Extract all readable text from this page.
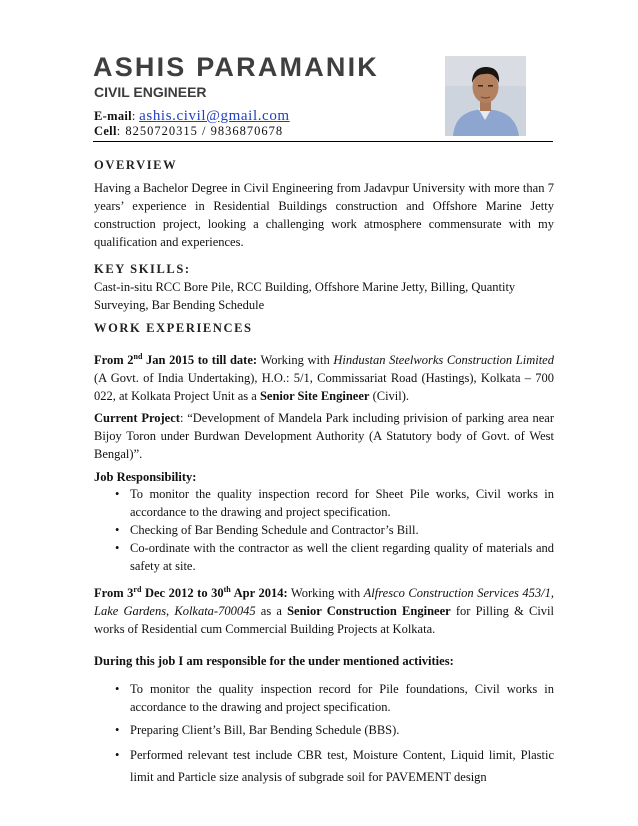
ASHIS PARAMANIK
CIVIL ENGINEER
E-mail: ashis.civil@gmail.com
Cell: 8250720315 / 9836870678
OVERVIEW

Having a Bachelor Degree in Civil Engineering from Jadavpur University with more than 7 years’ experience in Residential Buildings construction and Offshore Marine Jetty construction project, looking a challenging work atmosphere commensurate with my qualification and experiences.

KEY SKILLS:

Cast-in-situ RCC Bore Pile, RCC Building, Offshore Marine Jetty, Billing, Quantity Surveying, Bar Bending Schedule

WORK EXPERIENCES

From 2nd Jan 2015 to till date: Working with Hindustan Steelworks Construction Limited (A Govt. of India Undertaking), H.O.: 5/1, Commissariat Road (Hastings), Kolkata – 700 022, at Kolkata Project Unit as a Senior Site Engineer (Civil).

Current Project: “Development of Mandela Park including privision of parking area near Bijoy Toron under Burdwan Development Authority (A Statutory body of Govt. of West Bengal)”.

Job Responsibility:
• To monitor the quality inspection record for Sheet Pile works, Civil works in accordance to the drawing and project specification.
• Checking of Bar Bending Schedule and Contractor’s Bill.
• Co-ordinate with the contractor as well the client regarding quality of materials and safety at site.

From 3rd Dec 2012 to 30th Apr 2014: Working with Alfresco Construction Services 453/1, Lake Gardens, Kolkata-700045 as a Senior Construction Engineer for Pilling & Civil works of Residential cum Commercial Building Projects at Kolkata.

During this job I am responsible for the under mentioned activities:
• To monitor the quality inspection record for Pile foundations, Civil works in accordance to the drawing and project specification.
• Preparing Client’s Bill, Bar Bending Schedule (BBS).
• Performed relevant test include CBR test, Moisture Content, Liquid limit, Plastic limit and Particle size analysis of subgrade soil for PAVEMENT design
